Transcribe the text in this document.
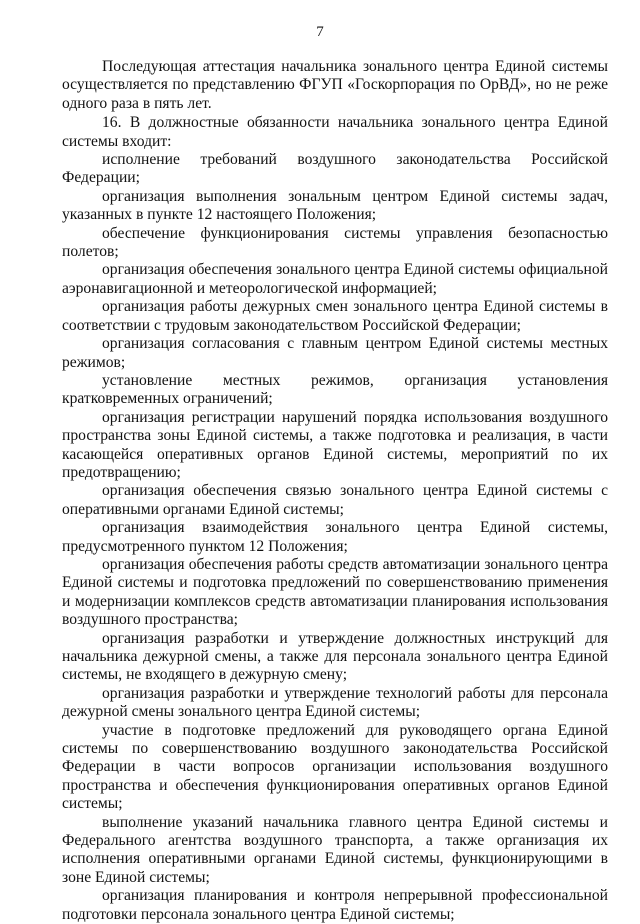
7

Последующая аттестация начальника зонального центра Единой системы осуществляется по представлению ФГУП «Госкорпорация по ОрВД», но не реже одного раза в пять лет.

16. В должностные обязанности начальника зонального центра Единой системы входит:

исполнение требований воздушного законодательства Российской Федерации;

организация выполнения зональным центром Единой системы задач, указанных в пункте 12 настоящего Положения;

обеспечение функционирования системы управления безопасностью полетов;

организация обеспечения зонального центра Единой системы официальной аэронавигационной и метеорологической информацией;

организация работы дежурных смен зонального центра Единой системы в соответствии с трудовым законодательством Российской Федерации;

организация согласования с главным центром Единой системы местных режимов;

установление местных режимов, организация установления кратковременных ограничений;

организация регистрации нарушений порядка использования воздушного пространства зоны Единой системы, а также подготовка и реализация, в части касающейся оперативных органов Единой системы, мероприятий по их предотвращению;

организация обеспечения связью зонального центра Единой системы с оперативными органами Единой системы;

организация взаимодействия зонального центра Единой системы, предусмотренного пунктом 12 Положения;

организация обеспечения работы средств автоматизации зонального центра Единой системы и подготовка предложений по совершенствованию применения и модернизации комплексов средств автоматизации планирования использования воздушного пространства;

организация разработки и утверждение должностных инструкций для начальника дежурной смены, а также для персонала зонального центра Единой системы, не входящего в дежурную смену;

организация разработки и утверждение технологий работы для персонала дежурной смены зонального центра Единой системы;

участие в подготовке предложений для руководящего органа Единой системы по совершенствованию воздушного законодательства Российской Федерации в части вопросов организации использования воздушного пространства и обеспечения функционирования оперативных органов Единой системы;

выполнение указаний начальника главного центра Единой системы и Федерального агентства воздушного транспорта, а также организация их исполнения оперативными органами Единой системы, функционирующими в зоне Единой системы;

организация планирования и контроля непрерывной профессиональной подготовки персонала зонального центра Единой системы;
